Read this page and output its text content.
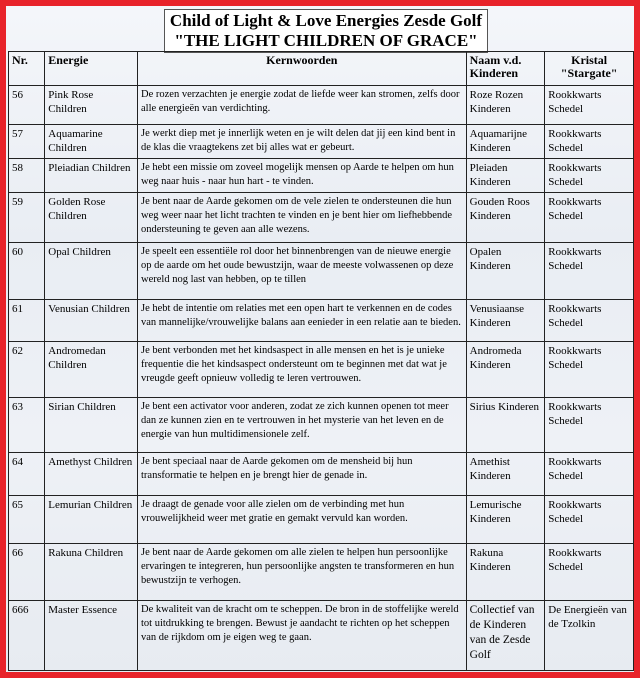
Child of Light & Love Energies Zesde Golf
"THE LIGHT CHILDREN OF GRACE"
Nr.	Energie	Kernwoorden	Naam v.d. Kinderen	Kristal "Stargate"
56	Pink Rose Children	De rozen verzachten je energie zodat de liefde weer kan stromen, zelfs door alle energieën van verdichting.	Roze Rozen Kinderen	Rookkwarts Schedel
57	Aquamarine Children	Je werkt diep met je innerlijk weten en je wilt delen dat jij een kind bent in de klas die vraagtekens zet bij alles wat er gebeurt.	Aquamarijne Kinderen	Rookkwarts Schedel
58	Pleiadian Children	Je hebt een missie om zoveel mogelijk mensen op Aarde te helpen om hun weg naar huis - naar hun hart - te vinden.	Pleiaden Kinderen	Rookkwarts Schedel
59	Golden Rose Children	Je bent naar de Aarde gekomen om de vele zielen te ondersteunen die hun weg weer naar het licht trachten te vinden en je bent hier om liefhebbende ondersteuning te geven aan alle wezens.	Gouden Roos Kinderen	Rookkwarts Schedel
60	Opal Children	Je speelt een essentiële rol door het binnenbrengen van de nieuwe energie op de aarde om het oude bewustzijn, waar de meeste volwassenen op deze wereld nog last van hebben, op te tillen	Opalen Kinderen	Rookkwarts Schedel
61	Venusian Children	Je hebt de intentie om relaties met een open hart te verkennen en de codes van mannelijke/vrouwelijke balans aan eenieder in een relatie aan te bieden.	Venusiaanse Kinderen	Rookkwarts Schedel
62	Andromedan Children	Je bent verbonden met het kindsaspect in alle mensen en het is je unieke frequentie die het kindsaspect ondersteunt om te beginnen met dat wat je vreugde geeft opnieuw volledig te leren vertrouwen.	Andromeda Kinderen	Rookkwarts Schedel
63	Sirian Children	Je bent een activator voor anderen, zodat ze zich kunnen openen tot meer dan ze kunnen zien en te vertrouwen in het mysterie van het leven en de energie van hun multidimensionele zelf.	Sirius Kinderen	Rookkwarts Schedel
64	Amethyst Children	Je bent speciaal naar de Aarde gekomen om de mensheid bij hun transformatie te helpen en je brengt hier de genade in.	Amethist Kinderen	Rookkwarts Schedel
65	Lemurian Children	Je draagt de genade voor alle zielen om de verbinding met hun vrouwelijkheid weer met gratie en gemakt vervuld kan worden.	Lemurische Kinderen	Rookkwarts Schedel
66	Rakuna Children	Je bent naar de Aarde gekomen om alle zielen te helpen hun persoonlijke ervaringen te integreren, hun persoonlijke angsten te transformeren en hun bewustzijn te verhogen.	Rakuna Kinderen	Rookkwarts Schedel
666	Master Essence	De kwaliteit van de kracht om te scheppen. De bron in de stoffelijke wereld tot uitdrukking te brengen. Bewust je aandacht te richten op het scheppen van de rijkdom om je eigen weg te gaan.	Collectief van de Kinderen van de Zesde Golf	De Energieën van de Tzolkin
